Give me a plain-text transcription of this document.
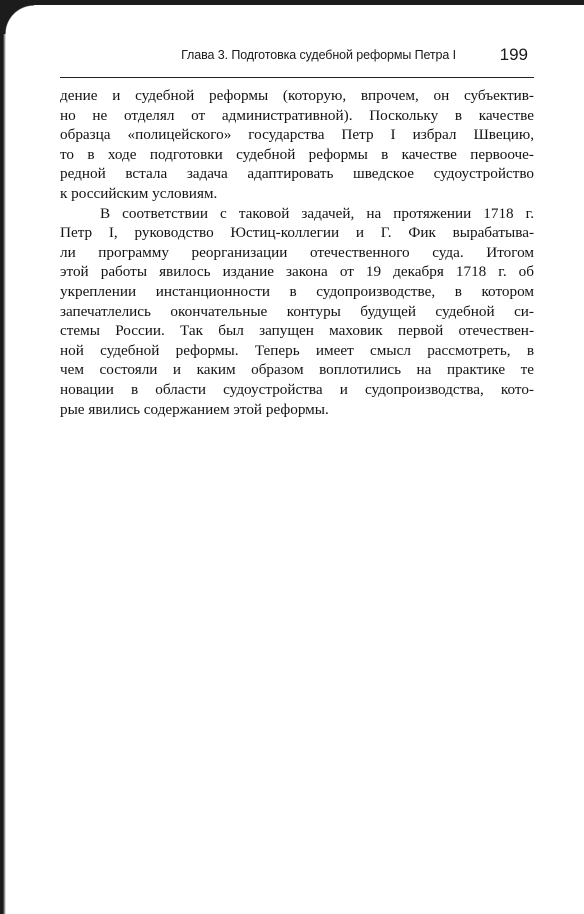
Глава 3. Подготовка судебной реформы Петра I	199

дение и судебной реформы (которую, впрочем, он субъектив-
но не отделял от административной). Поскольку в качестве
образца «полицейского» государства Петр I избрал Швецию,
то в ходе подготовки судебной реформы в качестве первооче-
редной встала задача адаптировать шведское судоустройство
к российским условиям.

В соответствии с таковой задачей, на протяжении 1718 г.
Петр I, руководство Юстиц-коллегии и Г. Фик вырабатыва-
ли программу реорганизации отечественного суда. Итогом
этой работы явилось издание закона от 19 декабря 1718 г. об
укреплении инстанционности в судопроизводстве, в котором
запечатлелись окончательные контуры будущей судебной си-
стемы России. Так был запущен маховик первой отечествен-
ной судебной реформы. Теперь имеет смысл рассмотреть, в
чем состояли и каким образом воплотились на практике те
новации в области судоустройства и судопроизводства, кото-
рые явились содержанием этой реформы.
